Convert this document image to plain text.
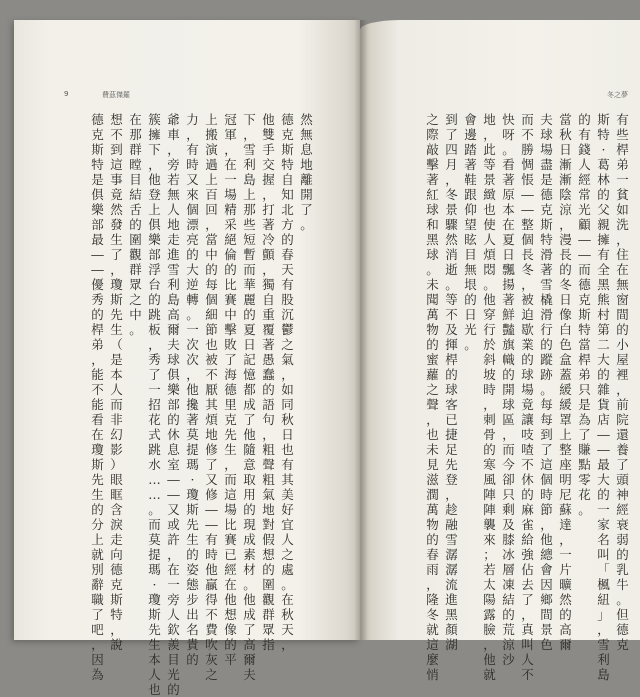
9	費茲傑羅
然
無
息
地
離
開
了
。
德
克
斯
特
自
知
北
方
的
春
天
有
股
沉
鬱
之
氣
，
如
同
秋
日
也
有
其
美
好
宜
人
之
處
。
在
秋
天
，
他
雙
手
交
握
，
打
著
冷
顫
，
獨
自
重
覆
著
愚
蠢
的
語
句
，
粗
聲
粗
氣
地
對
假
想
的
圍
觀
群
眾
指
下
，
雪
利
島
上
那
些
短
暫
而
華
麗
的
夏
日
記
憶
都
成
了
他
隨
意
取
用
的
現
成
素
材
。
他
成
了
高
爾
夫
冠
軍
，
在
一
場
精
采
絕
倫
的
比
賽
中
擊
敗
了
海
德
里
克
先
生
，
而
這
場
比
賽
已
經
在
他
想
像
的
平
上
搬
演
過
上
百
回
，
當
中
的
每
個
細
節
也
被
不
厭
其
煩
地
修
了
又
修
―
―
有
時
他
贏
得
不
費
吹
灰
之
力
，
有
時
又
來
個
漂
亮
的
大
逆
轉
。
一
次
次
，
他
攙
著
莫
提
瑪
·
瓊
斯
先
生
的
姿
態
步
出
名
貴
的
爺
車
，
旁
若
無
人
地
走
進
雪
利
島
高
爾
夫
球
俱
樂
部
的
休
息
室
―
―
又
或
許
，
在
一
旁
人
欽
羨
目
光
的
簇
擁
下
，
他
登
上
俱
樂
部
浮
台
的
跳
板
，
秀
了
一
招
花
式
跳
水
…
…
。
而
莫
提
瑪
·
瓊
斯
先
生
本
人
也
在
那
群
瞠
目
結
舌
的
圍
觀
群
眾
之
中
。
想
不
到
這
事
竟
然
發
生
了
，
瓊
斯
先
生
（
是
本
人
而
非
幻
影
）
眼
眶
含
淚
走
向
德
克
斯
特
，
說
德
克
斯
特
是
俱
樂
部
最
―
―
優
秀
的
桿
弟
，
能
不
能
看
在
瓊
斯
先
生
的
分
上
就
別
辭
職
了
吧
，
因
為
冬之夢
有
些
桿
弟
一
貧
如
洗
，
住
在
無
窗
間
的
小
屋
裡
，
前
院
還
養
了
頭
神
經
衰
弱
的
乳
牛
。
但
德
克
斯
特
·
葛
林
的
父
親
擁
有
全
黑
熊
村
第
二
大
的
雜
貨
店
―
―
最
大
的
一
家
名
叫
「
楓
紐
」
，
雪
利
島
的
有
錢
人
經
常
光
顧
―
―
而
德
克
斯
特
當
桿
弟
只
是
為
了
賺
點
零
花
。
當
秋
日
漸
漸
陰
涼
，
漫
長
的
冬
日
像
白
色
盒
蓋
緩
緩
罩
上
整
座
明
尼
蘇
達
，
一
片
曠
然
的
高
爾
夫
球
場
盡
是
德
克
斯
特
滑
著
雪
橇
滑
行
的
蹤
跡
。
每
每
到
了
這
個
時
節
，
他
總
會
因
鄉
間
景
色
而
不
勝
惆
悵
―
―
整
個
長
冬
，
被
迫
歇
業
的
球
場
竟
讓
吱
喳
不
休
的
麻
雀
給
強
佔
去
了
，
真
叫
人
不
快
呀
。
看
著
原
本
在
夏
日
飄
揚
著
鮮
豔
旗
幟
的
開
球
區
，
而
今
卻
只
剩
及
膝
冰
層
凍
結
的
荒
涼
沙
地
，
此
等
景
緻
也
使
人
煩
悶
。
他
穿
行
於
斜
坡
時
，
刺
骨
的
寒
風
陣
陣
襲
來
；
若
太
陽
露
臉
，
他
就
會
邊
踏
著
鞋
跟
仰
望
眩
目
無
垠
的
日
光
。
到
了
四
月
，
冬
景
驟
然
消
逝
。
等
不
及
揮
桿
的
球
客
已
捷
足
先
登
，
趁
融
雪
潺
潺
流
進
黑
顏
湖
之
際
敲
擊
著
紅
球
和
黑
球
。
未
聞
萬
物
的
蜜
蘿
之
聲
，
也
未
見
滋
潤
萬
物
的
春
雨
，
隆
冬
就
這
麼
悄
